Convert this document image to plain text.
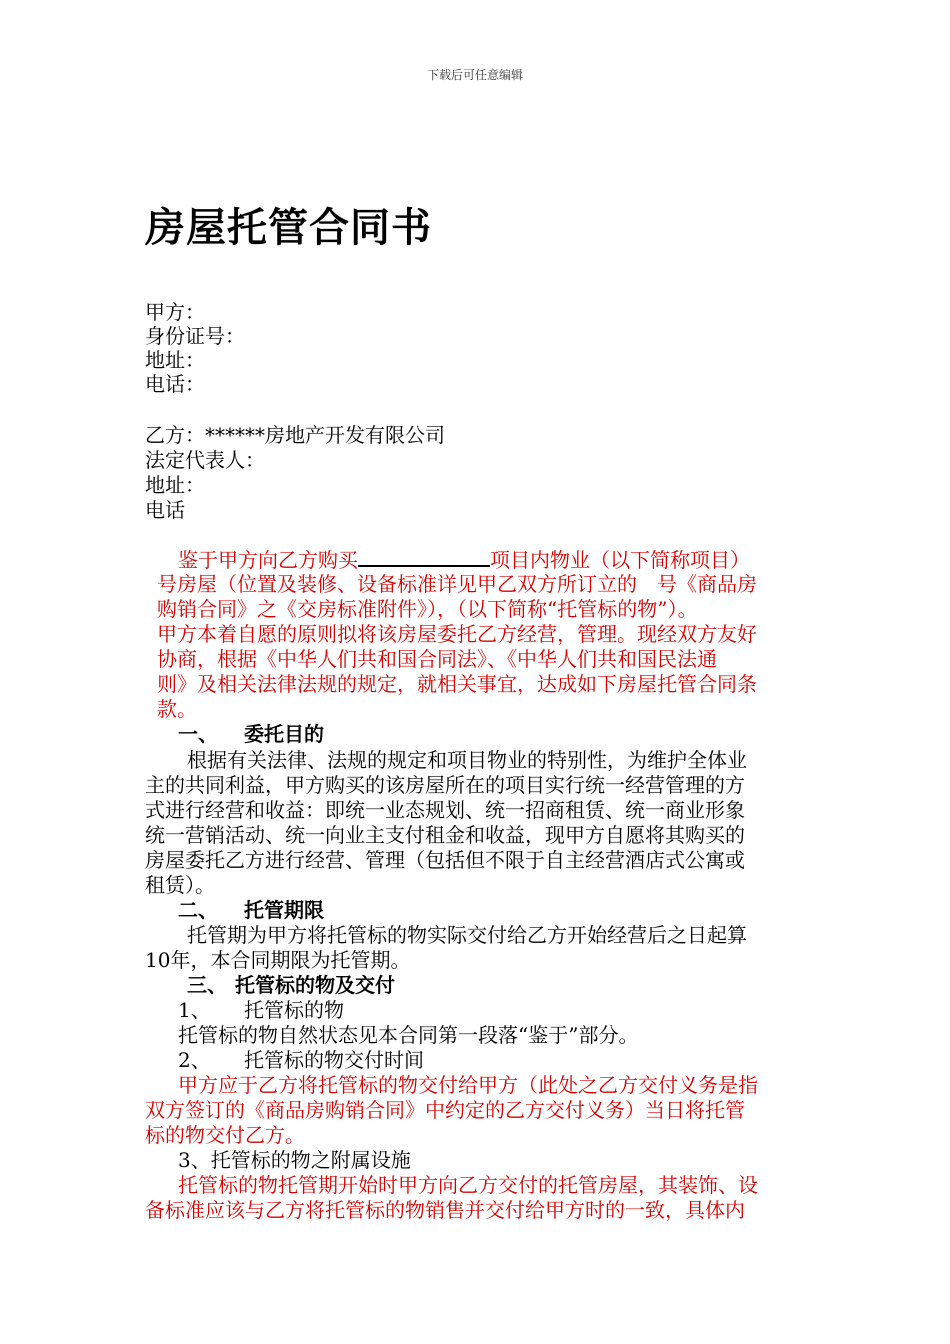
下载后可任意编辑
房屋托管合同书
甲方：
身份证号：
地址：
电话：
乙方：******房地产开发有限公司
法定代表人：
地址：
电话
鉴于甲方向乙方购买	项目内物业（以下简称项目）
号房屋（位置及装修、设备标准详见甲乙双方所订立的　号《商品房
购销合同》之《交房标准附件》），（以下简称“托管标的物”）。
甲方本着自愿的原则拟将该房屋委托乙方经营，管理。现经双方友好
协商，根据《中华人们共和国合同法》、《中华人们共和国民法通
则》及相关法律法规的规定，就相关事宜，达成如下房屋托管合同条
款。
一、 委托目的
根据有关法律、法规的规定和项目物业的特别性，为维护全体业
主的共同利益，甲方购买的该房屋所在的项目实行统一经营管理的方
式进行经营和收益：即统一业态规划、统一招商租赁、统一商业形象
统一营销活动、统一向业主支付租金和收益，现甲方自愿将其购买的
房屋委托乙方进行经营、管理（包括但不限于自主经营酒店式公寓或
租赁）。
二、 托管期限
托管期为甲方将托管标的物实际交付给乙方开始经营后之日起算
10年，本合同期限为托管期。
三、 托管标的物及交付
1、 托管标的物
托管标的物自然状态见本合同第一段落“鉴于”部分。
2、 托管标的物交付时间
甲方应于乙方将托管标的物交付给甲方（此处之乙方交付义务是指
双方签订的《商品房购销合同》中约定的乙方交付义务）当日将托管
标的物交付乙方。
3、托管标的物之附属设施
托管标的物托管期开始时甲方向乙方交付的托管房屋，其装饰、设
备标准应该与乙方将托管标的物销售并交付给甲方时的一致，具体内
